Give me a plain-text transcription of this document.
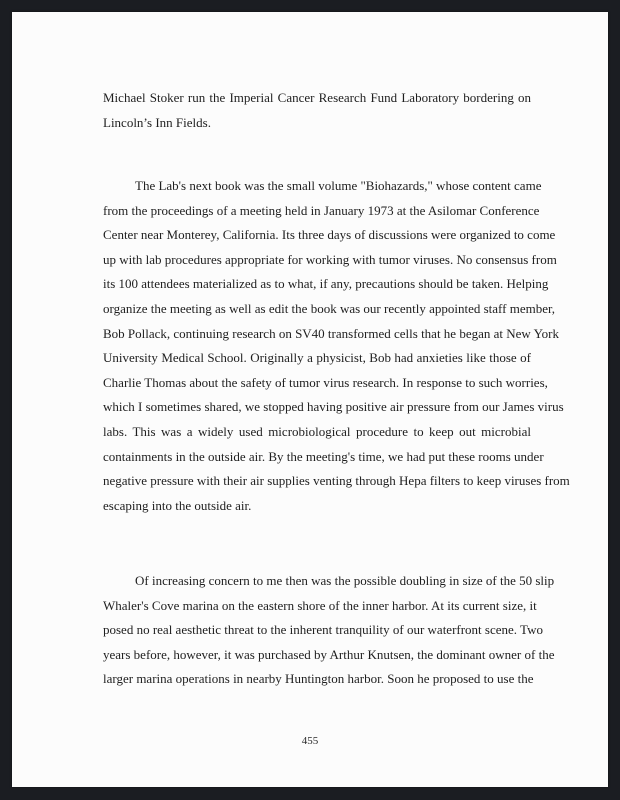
Michael Stoker run the Imperial Cancer Research Fund Laboratory bordering on
Lincoln’s Inn Fields.
The Lab's next book was the small volume "Biohazards," whose content came
from the proceedings of a meeting held in January 1973 at the Asilomar Conference
Center near Monterey, California. Its three days of discussions were organized to come
up with lab procedures appropriate for working with tumor viruses. No consensus from
its 100 attendees materialized as to what, if any, precautions should be taken. Helping
organize the meeting as well as edit the book was our recently appointed staff member,
Bob Pollack, continuing research on SV40 transformed cells that he began at New York
University Medical School. Originally a physicist, Bob had anxieties like those of
Charlie Thomas about the safety of tumor virus research. In response to such worries,
which I sometimes shared, we stopped having positive air pressure from our James virus
labs. This was a widely used microbiological procedure to keep out microbial
containments in the outside air. By the meeting's time, we had put these rooms under
negative pressure with their air supplies venting through Hepa filters to keep viruses from
escaping into the outside air.
Of increasing concern to me then was the possible doubling in size of the 50 slip
Whaler's Cove marina on the eastern shore of the inner harbor. At its current size, it
posed no real aesthetic threat to the inherent tranquility of our waterfront scene. Two
years before, however, it was purchased by Arthur Knutsen, the dominant owner of the
larger marina operations in nearby Huntington harbor. Soon he proposed to use the
455
